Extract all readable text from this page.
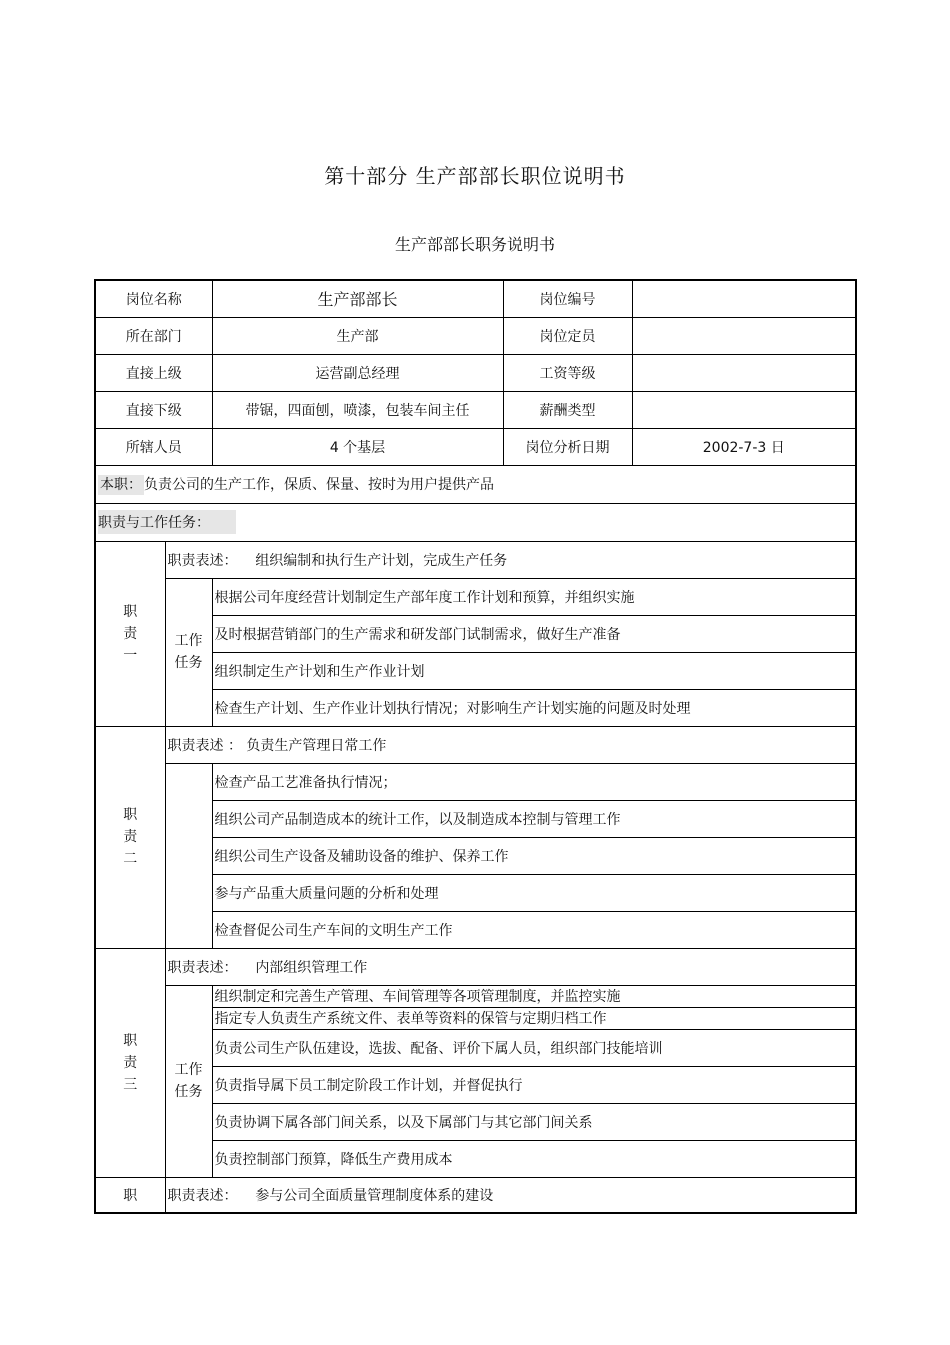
第十部分 生产部部长职位说明书
生产部部长职务说明书
岗位名称		生产部部长	岗位编号	
所在部门		生产部	岗位定员	
直接上级		运营副总经理	工资等级	
直接下级		带锯，四面刨，喷漆，包装车间主任	薪酬类型	
所辖人员		4 个基层	岗位分析日期	2002-7-3 日
本职： 负责公司的生产工作，保质、保量、按时为用户提供产品				
职责与工作任务：				

职
责
一	职责表述： 组织编制和执行生产计划，完成生产任务			

	工作
任务	根据公司年度经营计划制定生产部年度工作计划和预算，并组织实施		
		及时根据营销部门的生产需求和研发部门试制需求，做好生产准备		
		组织制定生产计划和生产作业计划		
		检查生产计划、生产作业计划执行情况；对影响生产计划实施的问题及时处理		

职
责
二	职责表述 ： 负责生产管理日常工作			
		检查产品工艺准备执行情况；		
		组织公司产品制造成本的统计工作，以及制造成本控制与管理工作		
		组织公司生产设备及辅助设备的维护、保养工作		
		参与产品重大质量问题的分析和处理		
		检查督促公司生产车间的文明生产工作		

职
责
三	职责表述： 内部组织管理工作			

	工作
任务	组织制定和完善生产管理、车间管理等各项管理制度，并监控实施		
		指定专人负责生产系统文件、表单等资料的保管与定期归档工作		
		负责公司生产队伍建设，选拔、配备、评价下属人员，组织部门技能培训		
		负责指导属下员工制定阶段工作计划，并督促执行		
		负责协调下属各部门间关系，以及下属部门与其它部门间关系		
		负责控制部门预算，降低生产费用成本		
职	职责表述： 参与公司全面质量管理制度体系的建设			
